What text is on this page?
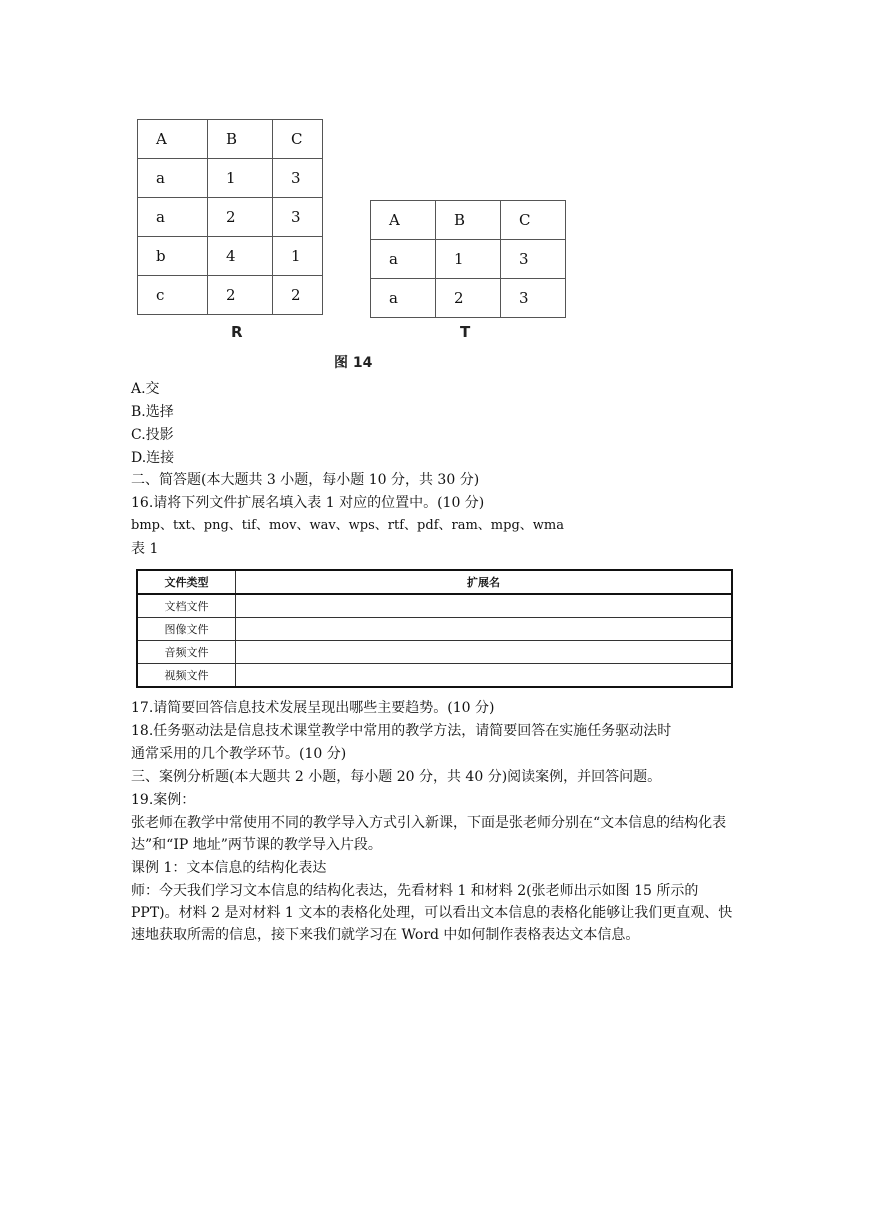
A	B	C
a	1	3
a	2	3
b	4	1
c	2	2
R
A	B	C
a	1	3
a	2	3
T
图 14
A.交
B.选择
C.投影
D.连接
二、简答题(本大题共 3 小题，每小题 10 分，共 30 分)
16.请将下列文件扩展名填入表 1 对应的位置中。(10 分)
bmp、txt、png、tif、mov、wav、wps、rtf、pdf、ram、mpg、wma
表 1
文件类型	扩展名
文档文件	
图像文件	
音频文件	
视频文件	
17.请简要回答信息技术发展呈现出哪些主要趋势。(10 分)
18.任务驱动法是信息技术课堂教学中常用的教学方法，请简要回答在实施任务驱动法时
通常采用的几个教学环节。(10 分)
三、案例分析题(本大题共 2 小题，每小题 20 分，共 40 分)阅读案例，并回答问题。
19.案例：
张老师在教学中常使用不同的教学导入方式引入新课，下面是张老师分别在“文本信息的结构化表达”和“IP 地址”两节课的教学导入片段。
课例 1：文本信息的结构化表达
师：今天我们学习文本信息的结构化表达，先看材料 1 和材料 2(张老师出示如图 15 所示的 PPT)。材料 2 是对材料 1 文本的表格化处理，可以看出文本信息的表格化能够让我们更直观、快速地获取所需的信息，接下来我们就学习在 Word 中如何制作表格表达文本信息。
